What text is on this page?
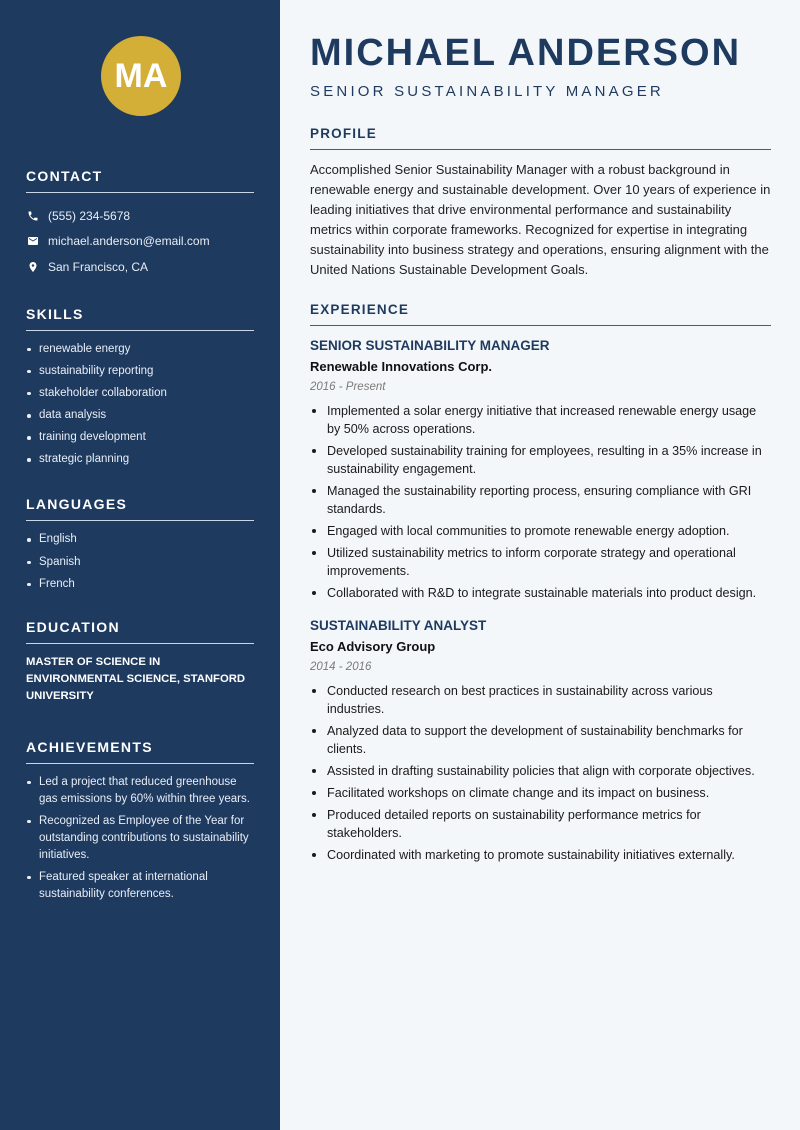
MA
CONTACT
(555) 234-5678
michael.anderson@email.com
San Francisco, CA
SKILLS
renewable energy
sustainability reporting
stakeholder collaboration
data analysis
training development
strategic planning
LANGUAGES
English
Spanish
French
EDUCATION
MASTER OF SCIENCE IN ENVIRONMENTAL SCIENCE, STANFORD UNIVERSITY
ACHIEVEMENTS
Led a project that reduced greenhouse gas emissions by 60% within three years.
Recognized as Employee of the Year for outstanding contributions to sustainability initiatives.
Featured speaker at international sustainability conferences.
MICHAEL ANDERSON
SENIOR SUSTAINABILITY MANAGER
PROFILE

Accomplished Senior Sustainability Manager with a robust background in renewable energy and sustainable development. Over 10 years of experience in leading initiatives that drive environmental performance and sustainability metrics within corporate frameworks. Recognized for expertise in integrating sustainability into business strategy and operations, ensuring alignment with the United Nations Sustainable Development Goals.

EXPERIENCE
SENIOR SUSTAINABILITY MANAGER
Renewable Innovations Corp.
2016 - Present
Implemented a solar energy initiative that increased renewable energy usage by 50% across operations.
Developed sustainability training for employees, resulting in a 35% increase in sustainability engagement.
Managed the sustainability reporting process, ensuring compliance with GRI standards.
Engaged with local communities to promote renewable energy adoption.
Utilized sustainability metrics to inform corporate strategy and operational improvements.
Collaborated with R&D to integrate sustainable materials into product design.
SUSTAINABILITY ANALYST
Eco Advisory Group
2014 - 2016
Conducted research on best practices in sustainability across various industries.
Analyzed data to support the development of sustainability benchmarks for clients.
Assisted in drafting sustainability policies that align with corporate objectives.
Facilitated workshops on climate change and its impact on business.
Produced detailed reports on sustainability performance metrics for stakeholders.
Coordinated with marketing to promote sustainability initiatives externally.
